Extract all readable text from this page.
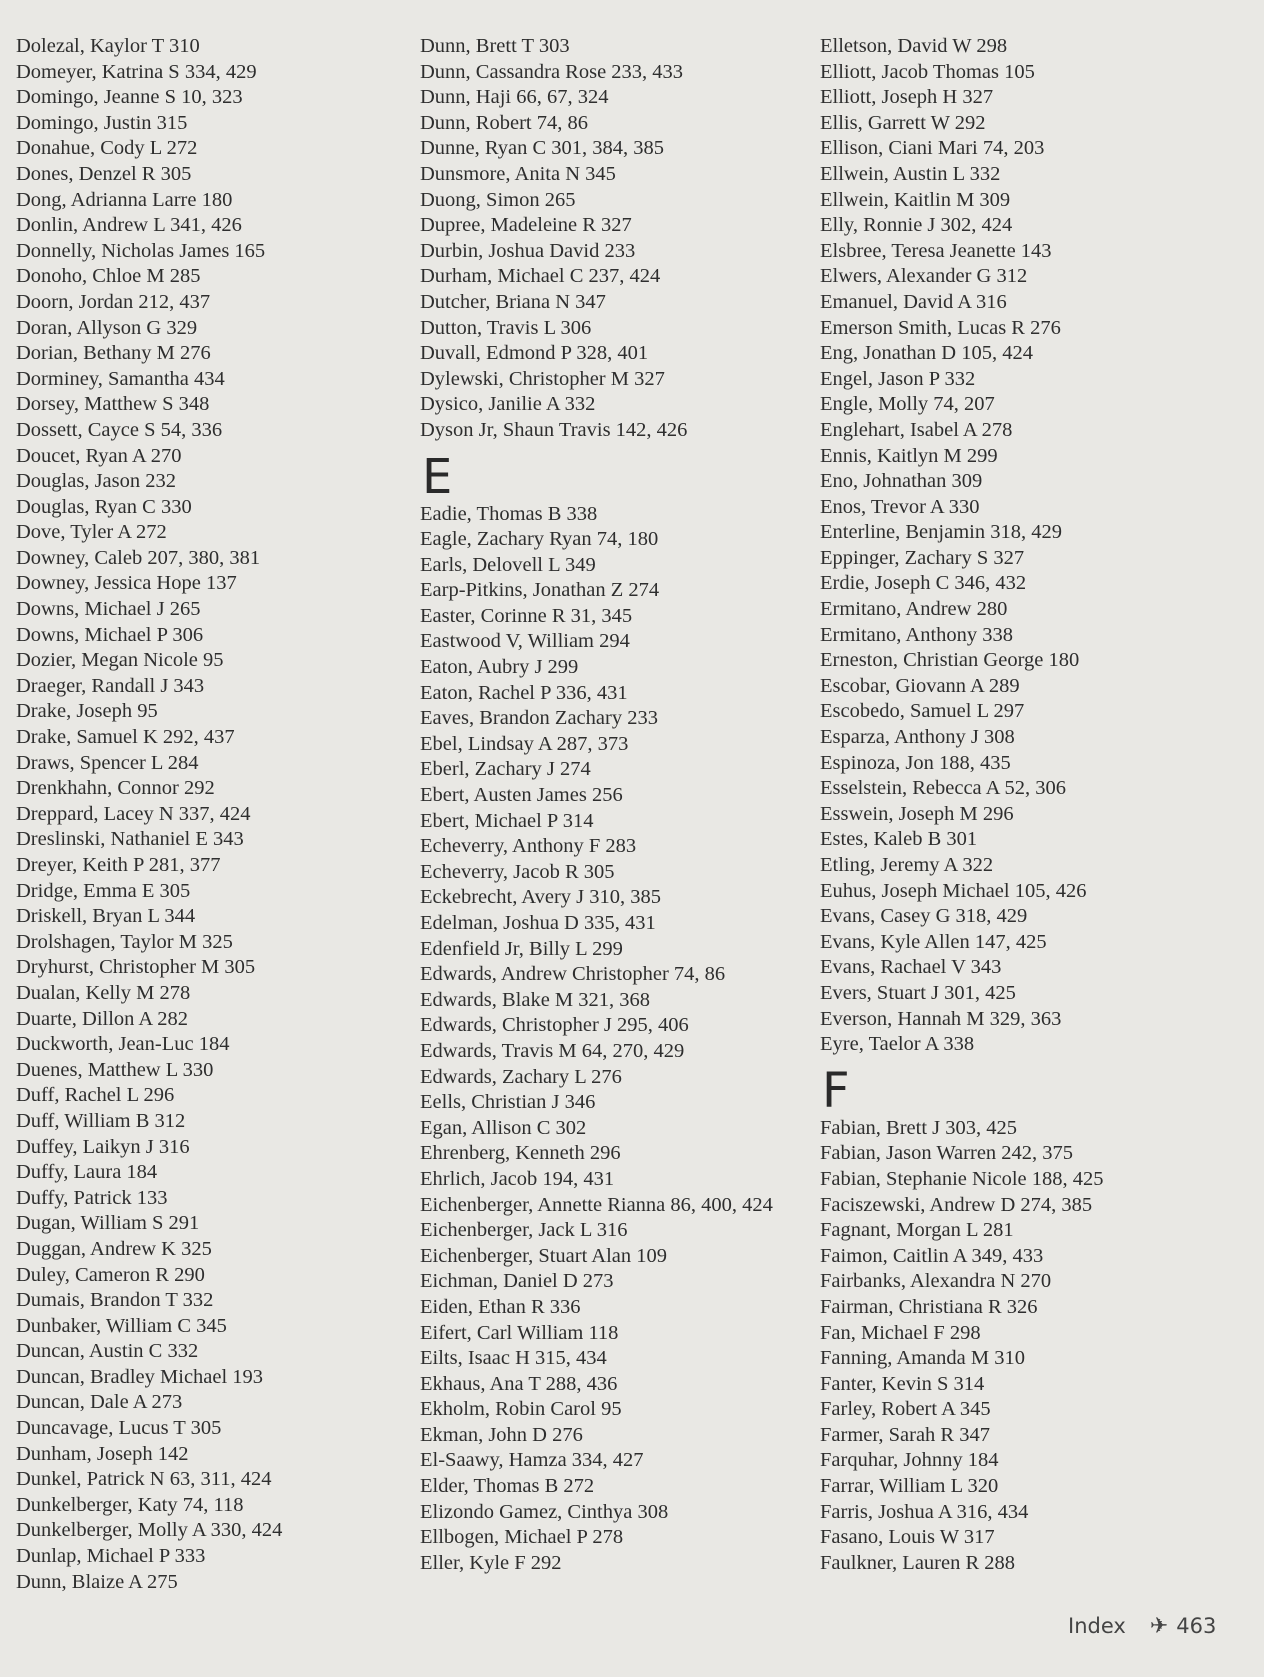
Dolezal, Kaylor T 310
Domeyer, Katrina S 334, 429
Domingo, Jeanne S 10, 323
Domingo, Justin 315
Donahue, Cody L 272
Dones, Denzel R 305
Dong, Adrianna Larre 180
Donlin, Andrew L 341, 426
Donnelly, Nicholas James 165
Donoho, Chloe M 285
Doorn, Jordan 212, 437
Doran, Allyson G 329
Dorian, Bethany M 276
Dorminey, Samantha 434
Dorsey, Matthew S 348
Dossett, Cayce S 54, 336
Doucet, Ryan A 270
Douglas, Jason 232
Douglas, Ryan C 330
Dove, Tyler A 272
Downey, Caleb 207, 380, 381
Downey, Jessica Hope 137
Downs, Michael J 265
Downs, Michael P 306
Dozier, Megan Nicole 95
Draeger, Randall J 343
Drake, Joseph 95
Drake, Samuel K 292, 437
Draws, Spencer L 284
Drenkhahn, Connor 292
Dreppard, Lacey N 337, 424
Dreslinski, Nathaniel E 343
Dreyer, Keith P 281, 377
Dridge, Emma E 305
Driskell, Bryan L 344
Drolshagen, Taylor M 325
Dryhurst, Christopher M 305
Dualan, Kelly M 278
Duarte, Dillon A 282
Duckworth, Jean-Luc 184
Duenes, Matthew L 330
Duff, Rachel L 296
Duff, William B 312
Duffey, Laikyn J 316
Duffy, Laura 184
Duffy, Patrick 133
Dugan, William S 291
Duggan, Andrew K 325
Duley, Cameron R 290
Dumais, Brandon T 332
Dunbaker, William C 345
Duncan, Austin C 332
Duncan, Bradley Michael 193
Duncan, Dale A 273
Duncavage, Lucus T 305
Dunham, Joseph 142
Dunkel, Patrick N 63, 311, 424
Dunkelberger, Katy 74, 118
Dunkelberger, Molly A 330, 424
Dunlap, Michael P 333
Dunn, Blaize A 275
Dunn, Brett T 303
Dunn, Cassandra Rose 233, 433
Dunn, Haji 66, 67, 324
Dunn, Robert 74, 86
Dunne, Ryan C 301, 384, 385
Dunsmore, Anita N 345
Duong, Simon 265
Dupree, Madeleine R 327
Durbin, Joshua David 233
Durham, Michael C 237, 424
Dutcher, Briana N 347
Dutton, Travis L 306
Duvall, Edmond P 328, 401
Dylewski, Christopher M 327
Dysico, Janilie A 332
Dyson Jr, Shaun Travis 142, 426
E
Eadie, Thomas B 338
Eagle, Zachary Ryan 74, 180
Earls, Delovell L 349
Earp-Pitkins, Jonathan Z 274
Easter, Corinne R 31, 345
Eastwood V, William 294
Eaton, Aubry J 299
Eaton, Rachel P 336, 431
Eaves, Brandon Zachary 233
Ebel, Lindsay A 287, 373
Eberl, Zachary J 274
Ebert, Austen James 256
Ebert, Michael P 314
Echeverry, Anthony F 283
Echeverry, Jacob R 305
Eckebrecht, Avery J 310, 385
Edelman, Joshua D 335, 431
Edenfield Jr, Billy L 299
Edwards, Andrew Christopher 74, 86
Edwards, Blake M 321, 368
Edwards, Christopher J 295, 406
Edwards, Travis M 64, 270, 429
Edwards, Zachary L 276
Eells, Christian J 346
Egan, Allison C 302
Ehrenberg, Kenneth 296
Ehrlich, Jacob 194, 431
Eichenberger, Annette Rianna 86, 400, 424
Eichenberger, Jack L 316
Eichenberger, Stuart Alan 109
Eichman, Daniel D 273
Eiden, Ethan R 336
Eifert, Carl William 118
Eilts, Isaac H 315, 434
Ekhaus, Ana T 288, 436
Ekholm, Robin Carol 95
Ekman, John D 276
El-Saawy, Hamza 334, 427
Elder, Thomas B 272
Elizondo Gamez, Cinthya 308
Ellbogen, Michael P 278
Eller, Kyle F 292
Elletson, David W 298
Elliott, Jacob Thomas 105
Elliott, Joseph H 327
Ellis, Garrett W 292
Ellison, Ciani Mari 74, 203
Ellwein, Austin L 332
Ellwein, Kaitlin M 309
Elly, Ronnie J 302, 424
Elsbree, Teresa Jeanette 143
Elwers, Alexander G 312
Emanuel, David A 316
Emerson Smith, Lucas R 276
Eng, Jonathan D 105, 424
Engel, Jason P 332
Engle, Molly 74, 207
Englehart, Isabel A 278
Ennis, Kaitlyn M 299
Eno, Johnathan 309
Enos, Trevor A 330
Enterline, Benjamin 318, 429
Eppinger, Zachary S 327
Erdie, Joseph C 346, 432
Ermitano, Andrew 280
Ermitano, Anthony 338
Erneston, Christian George 180
Escobar, Giovann A 289
Escobedo, Samuel L 297
Esparza, Anthony J 308
Espinoza, Jon 188, 435
Esselstein, Rebecca A 52, 306
Esswein, Joseph M 296
Estes, Kaleb B 301
Etling, Jeremy A 322
Euhus, Joseph Michael 105, 426
Evans, Casey G 318, 429
Evans, Kyle Allen 147, 425
Evans, Rachael V 343
Evers, Stuart J 301, 425
Everson, Hannah M 329, 363
Eyre, Taelor A 338
F
Fabian, Brett J 303, 425
Fabian, Jason Warren 242, 375
Fabian, Stephanie Nicole 188, 425
Faciszewski, Andrew D 274, 385
Fagnant, Morgan L 281
Faimon, Caitlin A 349, 433
Fairbanks, Alexandra N 270
Fairman, Christiana R 326
Fan, Michael F 298
Fanning, Amanda M 310
Fanter, Kevin S 314
Farley, Robert A 345
Farmer, Sarah R 347
Farquhar, Johnny 184
Farrar, William L 320
Farris, Joshua A 316, 434
Fasano, Louis W 317
Faulkner, Lauren R 288
Index ✈ 463
